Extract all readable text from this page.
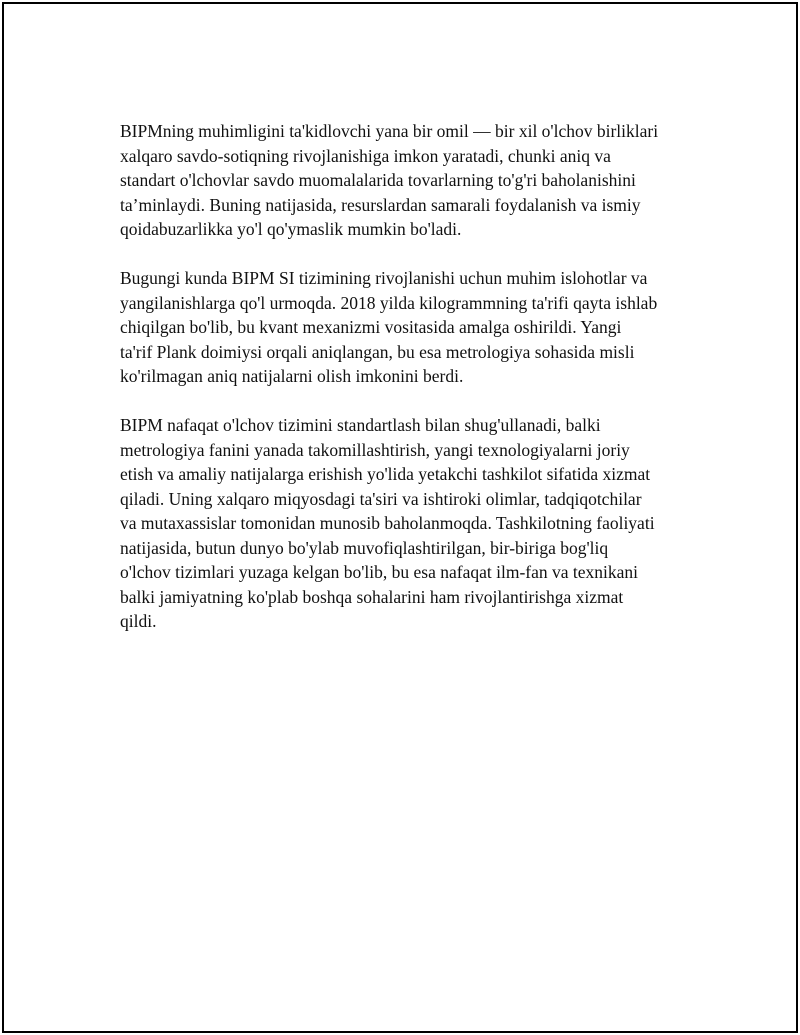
BIPMning muhimligini ta'kidlovchi yana bir omil — bir xil o'lchov birliklari
xalqaro savdo-sotiqning rivojlanishiga imkon yaratadi, chunki aniq va
standart o'lchovlar savdo muomalalarida tovarlarning to'g'ri baholanishini
ta’minlaydi. Buning natijasida, resurslardan samarali foydalanish va ismiy
qoidabuzarlikka yo'l qo'ymaslik mumkin bo'ladi.

Bugungi kunda BIPM SI tizimining rivojlanishi uchun muhim islohotlar va
yangilanishlarga qo'l urmoqda. 2018 yilda kilogrammning ta'rifi qayta ishlab
chiqilgan bo'lib, bu kvant mexanizmi vositasida amalga oshirildi. Yangi
ta'rif Plank doimiysi orqali aniqlangan, bu esa metrologiya sohasida misli
ko'rilmagan aniq natijalarni olish imkonini berdi.

BIPM nafaqat o'lchov tizimini standartlash bilan shug'ullanadi, balki
metrologiya fanini yanada takomillashtirish, yangi texnologiyalarni joriy
etish va amaliy natijalarga erishish yo'lida yetakchi tashkilot sifatida xizmat
qiladi. Uning xalqaro miqyosdagi ta'siri va ishtiroki olimlar, tadqiqotchilar
va mutaxassislar tomonidan munosib baholanmoqda. Tashkilotning faoliyati
natijasida, butun dunyo bo'ylab muvofiqlashtirilgan, bir-biriga bog'liq
o'lchov tizimlari yuzaga kelgan bo'lib, bu esa nafaqat ilm-fan va texnikani
balki jamiyatning ko'plab boshqa sohalarini ham rivojlantirishga xizmat
qildi.
